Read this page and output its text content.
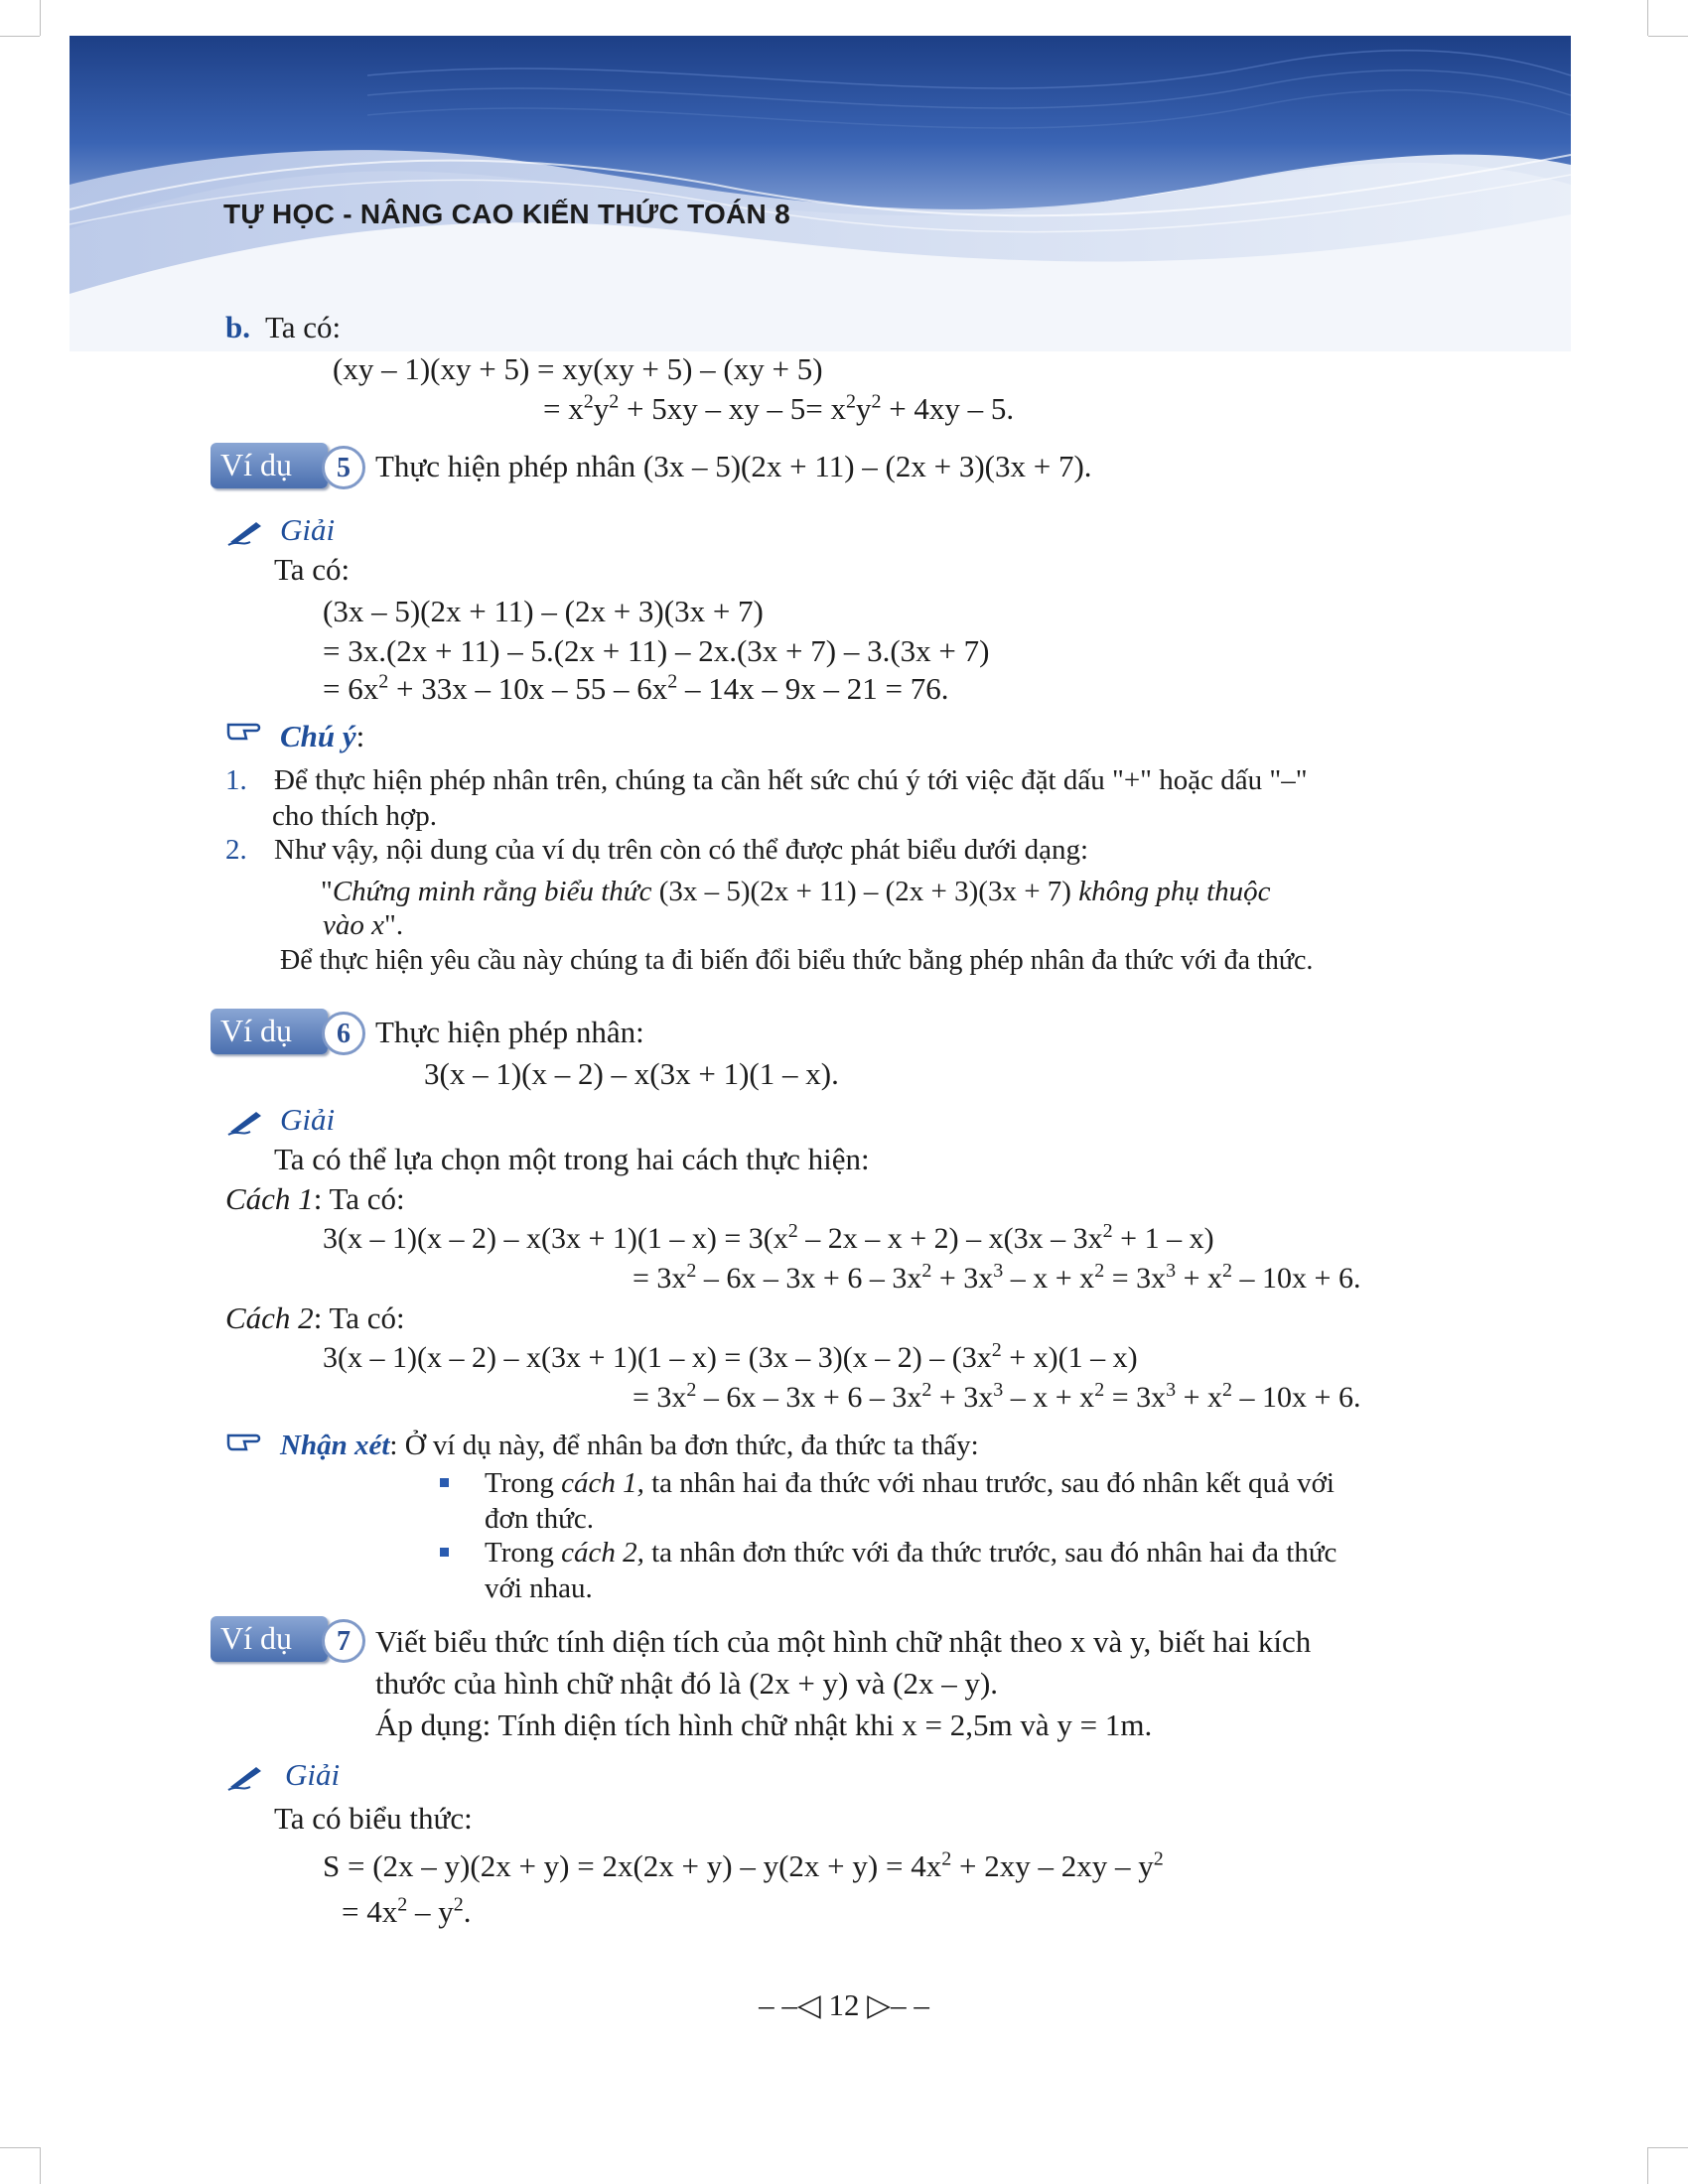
TỰ HỌC - NÂNG CAO KIẾN THỨC TOÁN 8
b. Ta có:
(xy – 1)(xy + 5) = xy(xy + 5) – (xy + 5)
= $x^2y^2 + 5xy$ – xy – $5= x^2y^2 + 4xy - 5$.
Ví dụ	5 Thực hiện phép nhân (3x – 5)(2x + 11) – (2x + 3)(3x + 7).
Giải
Ta có:
(3x – 5)(2x + 11) – (2x + 3)(3x + 7)
= 3x.(2x + 11) – 5.(2x + 11) – 2x.(3x + 7) – 3.(3x + 7)
= $6x^2 + 33x - 10x - 55 - 6x^2 - 14x - 9x - 21 = 76$.
Chú ý:
1. Để thực hiện phép nhân trên, chúng ta cần hết sức chú ý tới việc đặt dấu "+" hoặc dấu "–"
cho thích hợp.
2. Như vậy, nội dung của ví dụ trên còn có thể được phát biểu dưới dạng:
"Chứng minh rằng biểu thức (3x – 5)(2x + 11) – (2x + 3)(3x + 7) không phụ thuộc
vào x".
Để thực hiện yêu cầu này chúng ta đi biến đổi biểu thức bằng phép nhân đa thức với đa thức.
Ví dụ	6 Thực hiện phép nhân:
3(x – 1)(x – 2) – x(3x + 1)(1 – x).
Giải
Ta có thể lựa chọn một trong hai cách thực hiện:
Cách 1: Ta có:
$3(x - 1)(x - 2) - x(3x + 1)(1 - x) = 3(x^2 - 2x - x + 2) - x(3x - 3x^2 + 1 - x)$
= $3x^2 - 6x - 3x + 6 - 3x^2 + 3x^3 - x + x^2 = 3x^3 + x^2 - 10x + 6$.
Cách 2: Ta có:
$3(x - 1)(x - 2) - x(3x + 1)(1 - x) = (3x - 3)(x - 2) - (3x^2 + x)(1 - x)$
= $3x^2 - 6x - 3x + 6 - 3x^2 + 3x^3 - x + x^2 = 3x^3 + x^2 - 10x + 6$.
Nhận xét: Ở ví dụ này, để nhân ba đơn thức, đa thức ta thấy:
Trong cách 1, ta nhân hai đa thức với nhau trước, sau đó nhân kết quả với
đơn thức.
Trong cách 2, ta nhân đơn thức với đa thức trước, sau đó nhân hai đa thức
với nhau.
Ví dụ	7 Viết biểu thức tính diện tích của một hình chữ nhật theo x và y, biết hai kích
thước của hình chữ nhật đó là (2x + y) và (2x – y).
Áp dụng: Tính diện tích hình chữ nhật khi x = 2,5m và y = 1m.
Giải
Ta có biểu thức:
$S = (2x - y)(2x + y) = 2x(2x + y) - y(2x + y) = 4x^2 + 2xy - 2xy - y^2$
= $4x^2 - y^2$.
– –◁ 12 ▷– –
